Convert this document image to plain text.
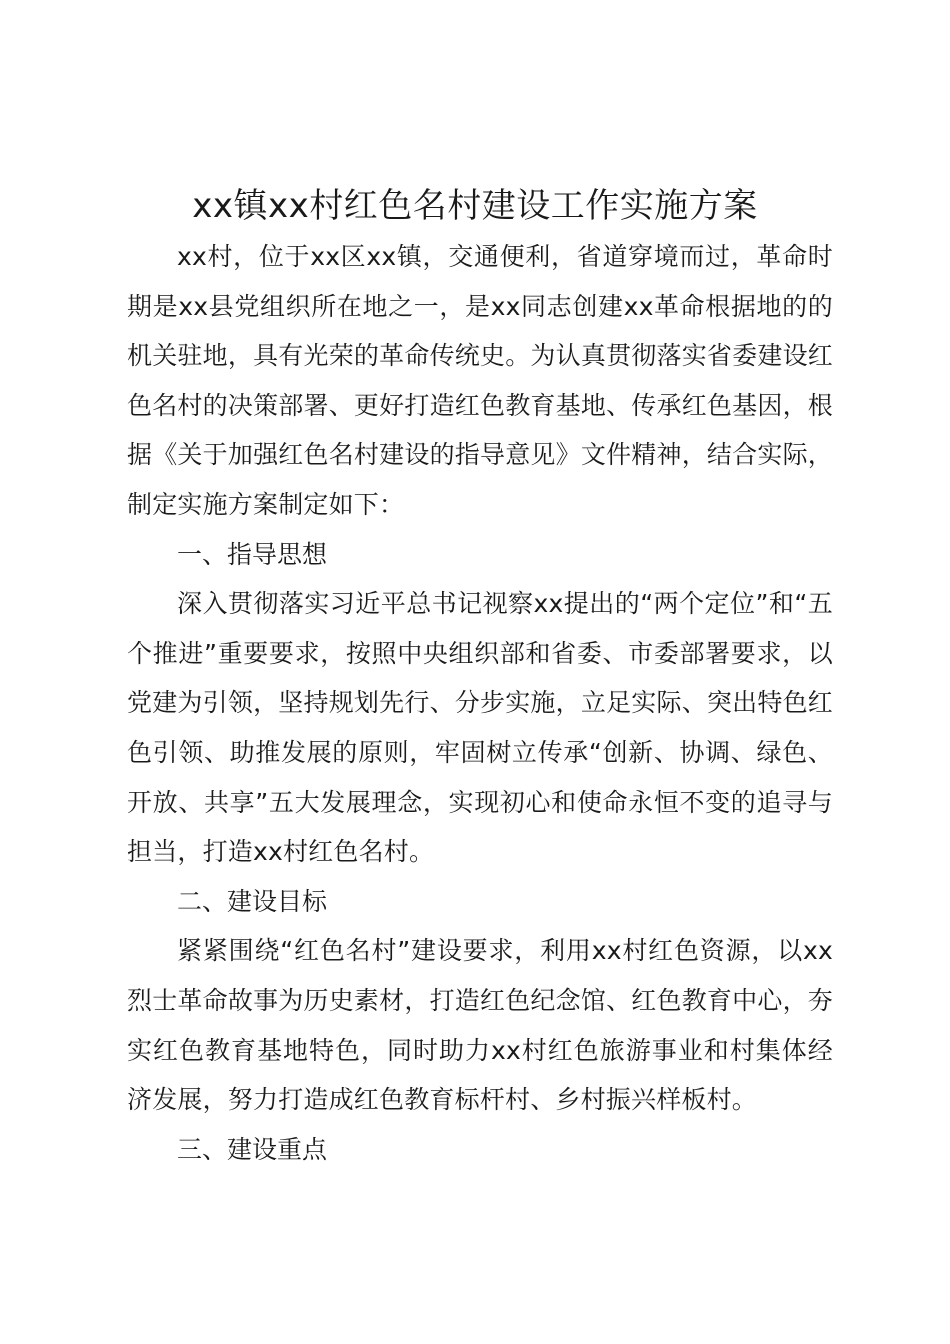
xx镇xx村红色名村建设工作实施方案

xx村，位于xx区xx镇，交通便利，省道穿境而过，革命时期是xx县党组织所在地之一，是xx同志创建xx革命根据地的的机关驻地，具有光荣的革命传统史。为认真贯彻落实省委建设红色名村的决策部署、更好打造红色教育基地、传承红色基因，根据《关于加强红色名村建设的指导意见》文件精神，结合实际，制定实施方案制定如下：

一、指导思想

深入贯彻落实习近平总书记视察xx提出的“两个定位”和“五个推进”重要要求，按照中央组织部和省委、市委部署要求，以党建为引领，坚持规划先行、分步实施，立足实际、突出特色红色引领、助推发展的原则，牢固树立传承“创新、协调、绿色、开放、共享”五大发展理念，实现初心和使命永恒不变的追寻与担当，打造xx村红色名村。

二、建设目标

紧紧围绕“红色名村”建设要求，利用xx村红色资源，以xx烈士革命故事为历史素材，打造红色纪念馆、红色教育中心，夯实红色教育基地特色，同时助力xx村红色旅游事业和村集体经济发展，努力打造成红色教育标杆村、乡村振兴样板村。

三、建设重点
